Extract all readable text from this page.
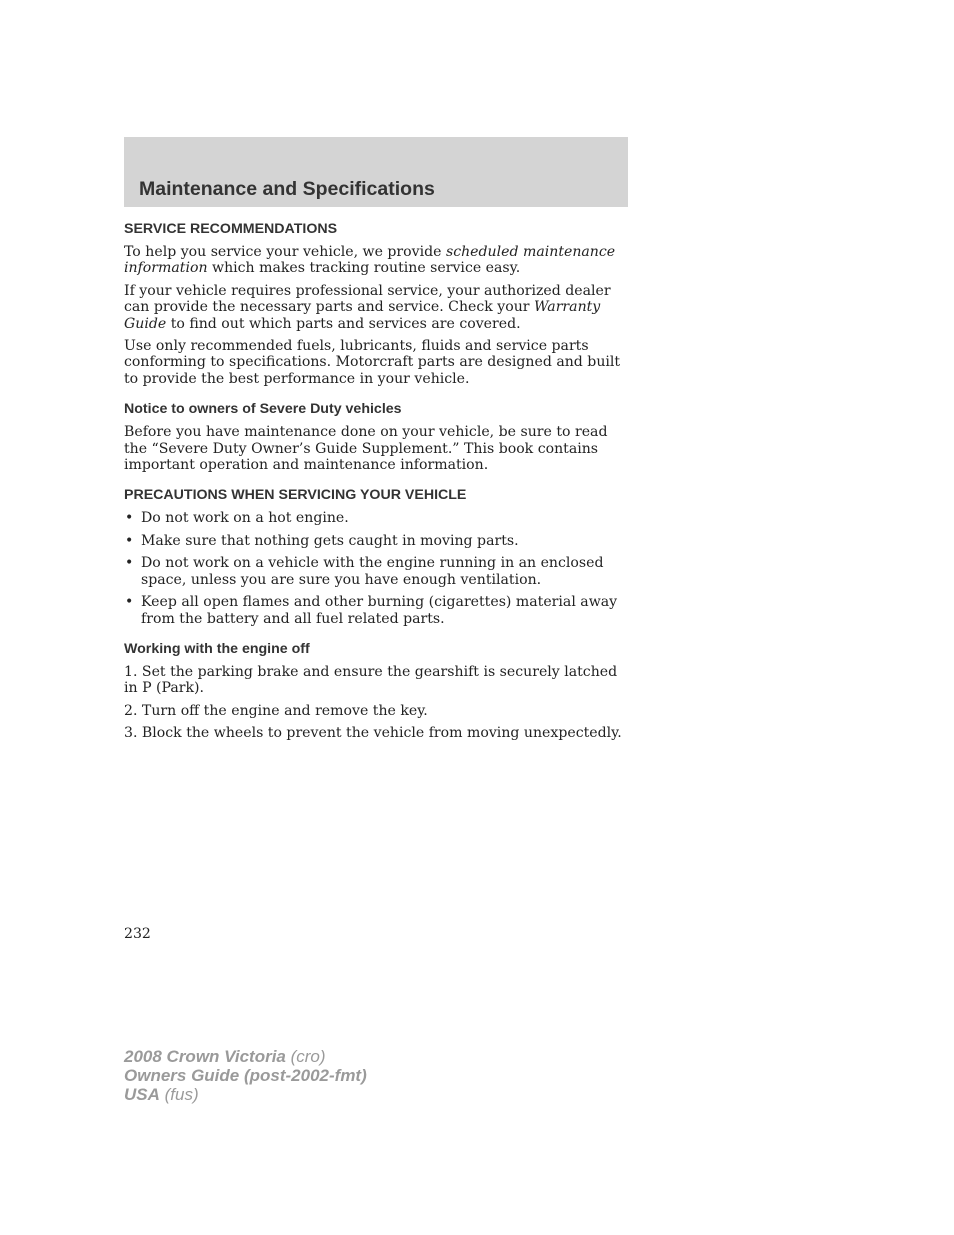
Maintenance and Specifications
SERVICE RECOMMENDATIONS

To help you service your vehicle, we provide scheduled maintenance information which makes tracking routine service easy.

If your vehicle requires professional service, your authorized dealer can provide the necessary parts and service. Check your Warranty Guide to find out which parts and services are covered.

Use only recommended fuels, lubricants, fluids and service parts conforming to specifications. Motorcraft parts are designed and built to provide the best performance in your vehicle.

Notice to owners of Severe Duty vehicles

Before you have maintenance done on your vehicle, be sure to read the “Severe Duty Owner’s Guide Supplement.” This book contains important operation and maintenance information.

PRECAUTIONS WHEN SERVICING YOUR VEHICLE
• Do not work on a hot engine.
• Make sure that nothing gets caught in moving parts.
• Do not work on a vehicle with the engine running in an enclosed space, unless you are sure you have enough ventilation.
• Keep all open flames and other burning (cigarettes) material away from the battery and all fuel related parts.
Working with the engine off
1. Set the parking brake and ensure the gearshift is securely latched in P (Park).
2. Turn off the engine and remove the key.
3. Block the wheels to prevent the vehicle from moving unexpectedly.
232
2008 Crown Victoria (cro)
Owners Guide (post-2002-fmt)
USA (fus)
